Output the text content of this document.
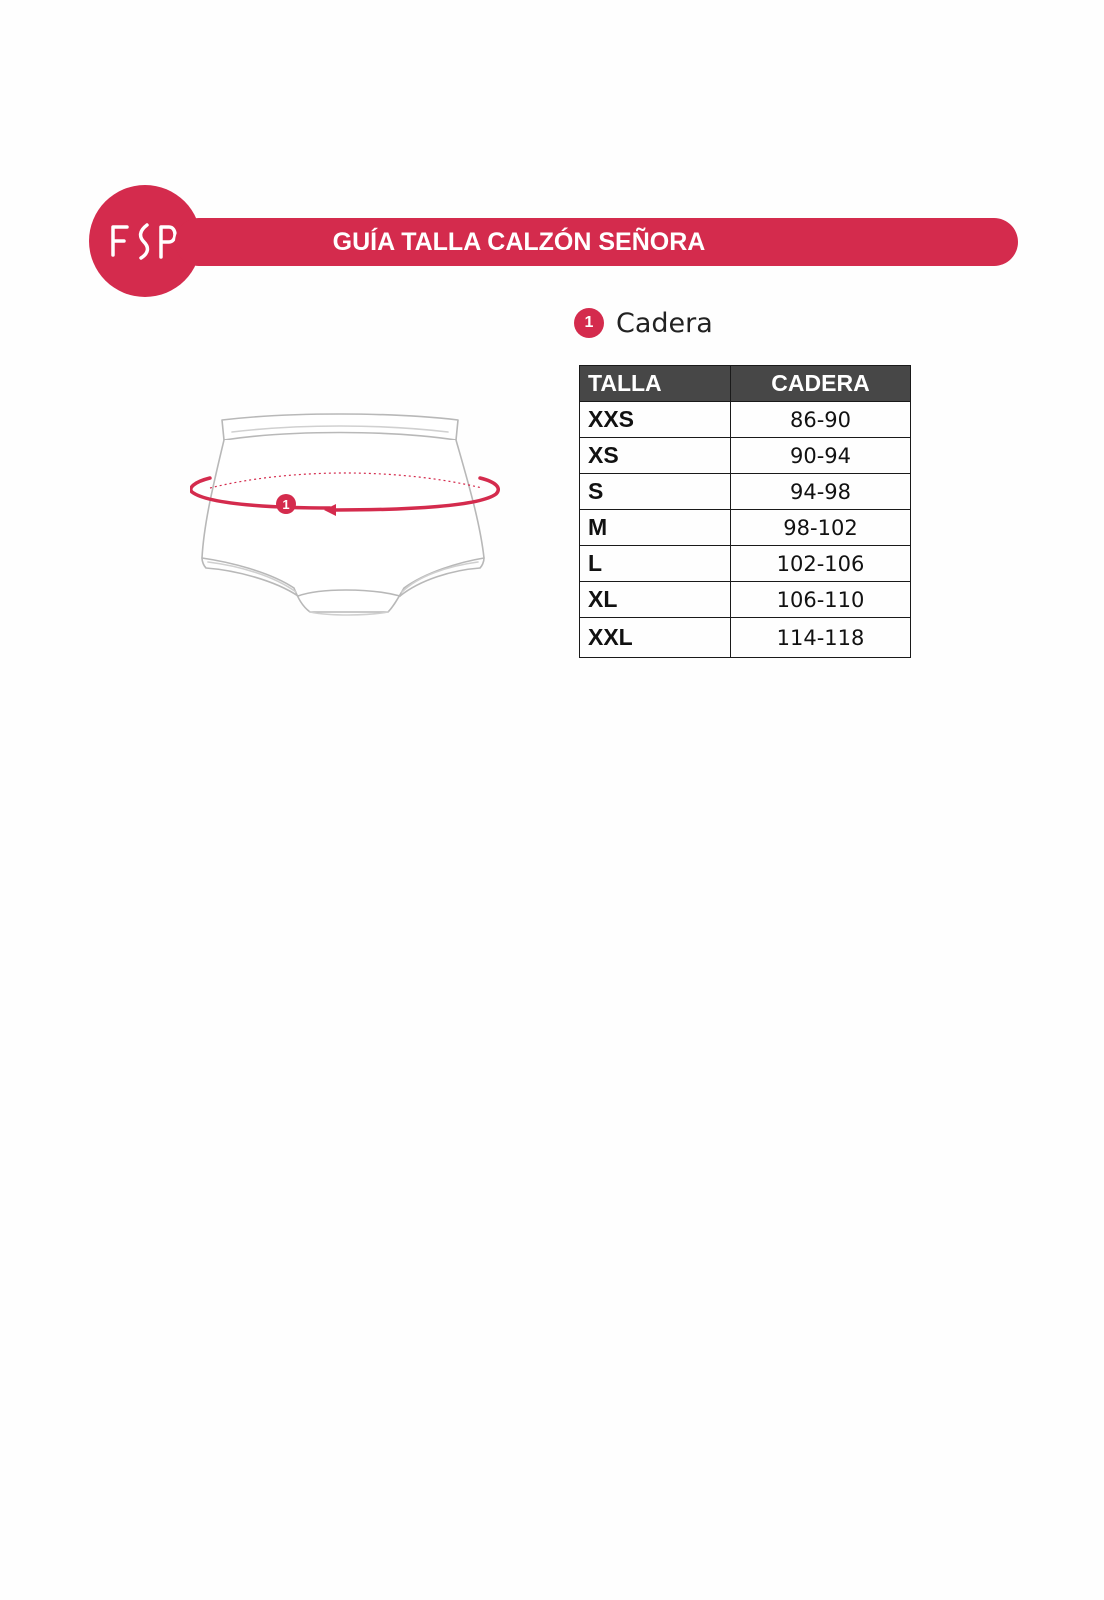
GUÍA TALLA CALZÓN SEÑORA
1
1 Cadera
TALLA	CADERA
XXS	86-90
XS	90-94
S	94-98
M	98-102
L	102-106
XL	106-110
XXL	114-118
